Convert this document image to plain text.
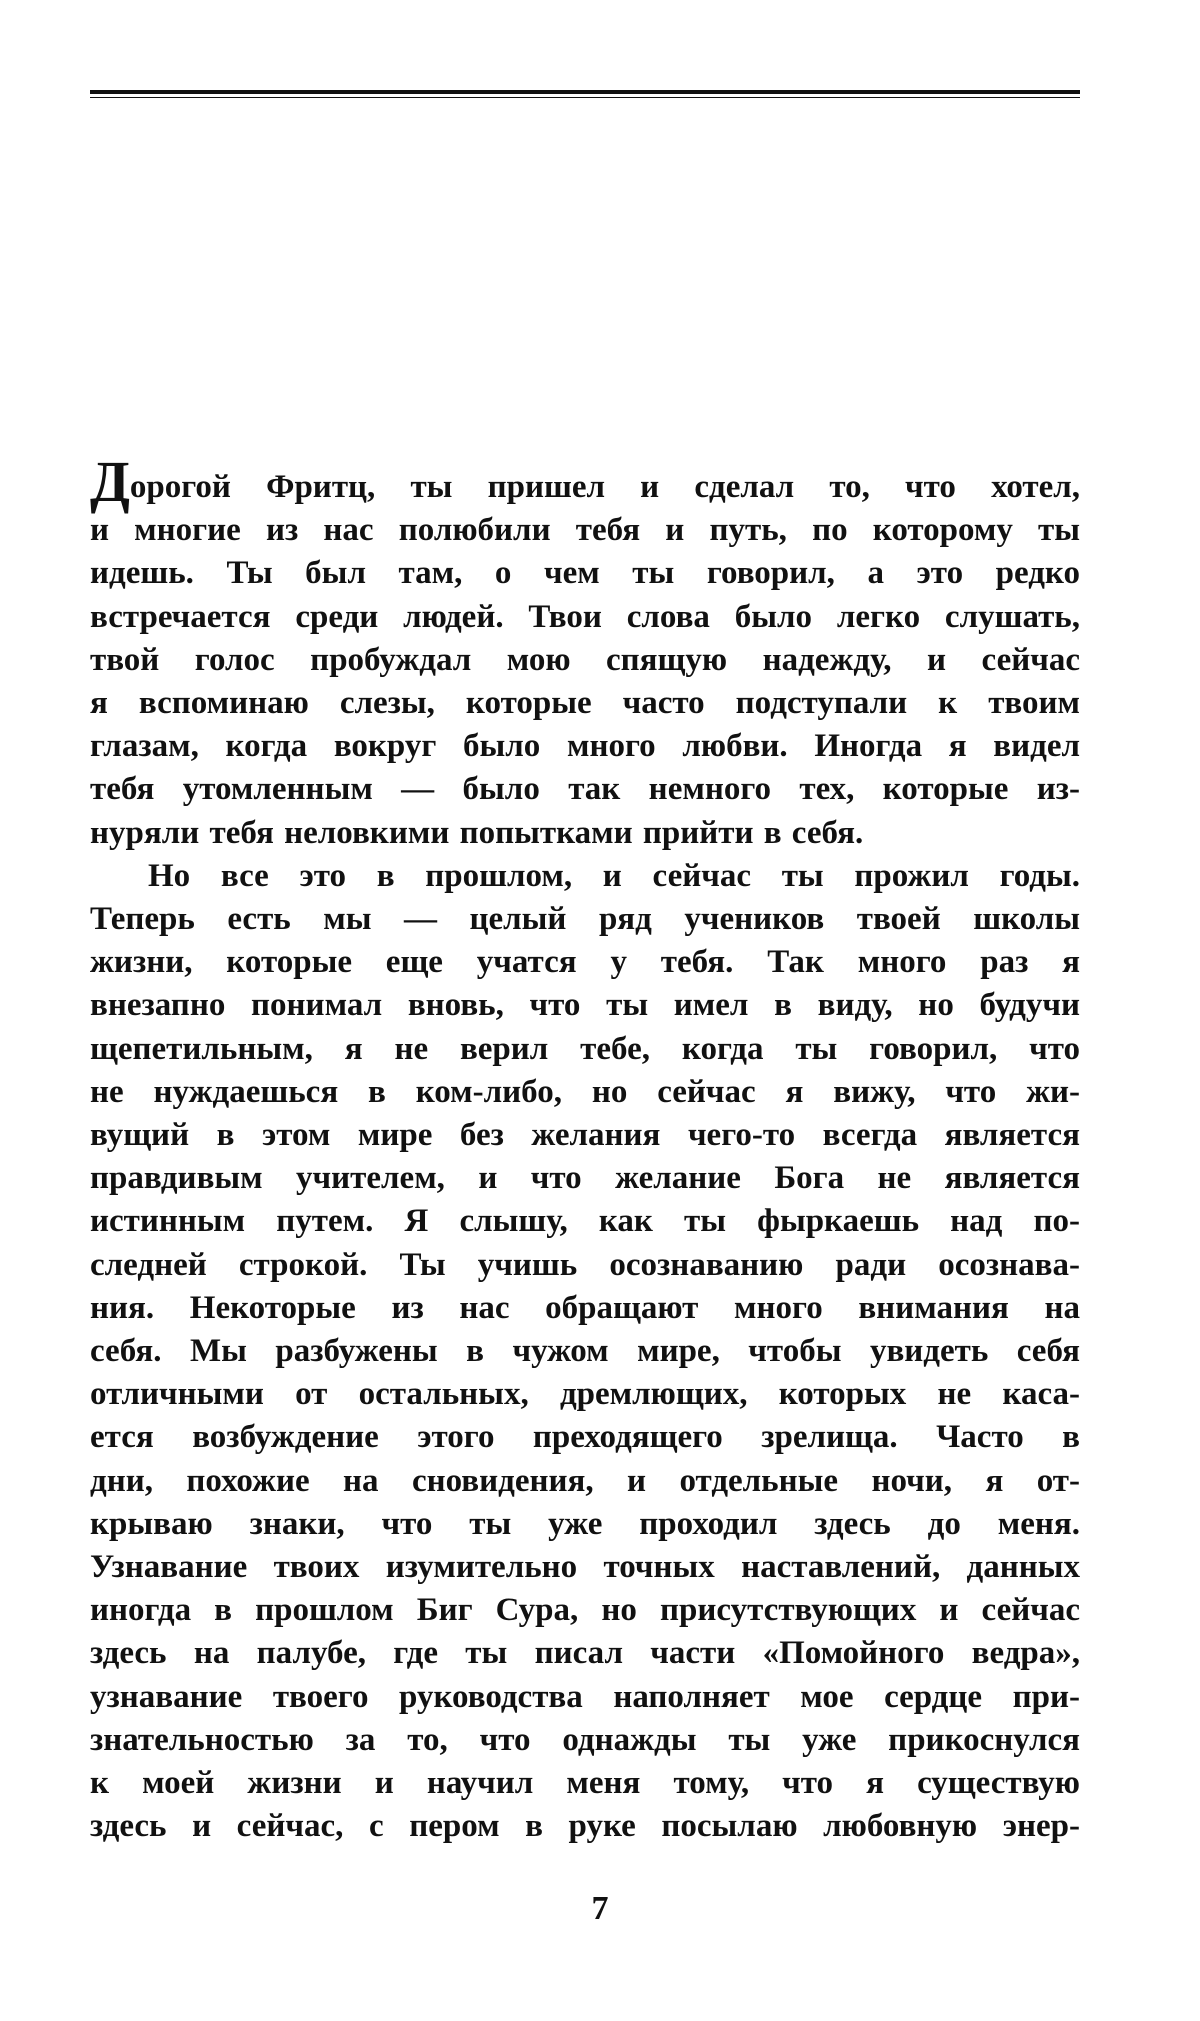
Дорогой Фритц, ты пришел и сделал то, что хотел,
и многие из нас полюбили тебя и путь, по которому ты
идешь. Ты был там, о чем ты говорил, а это редко
встречается среди людей. Твои слова было легко слушать,
твой голос пробуждал мою спящую надежду, и сейчас
я вспоминаю слезы, которые часто подступали к твоим
глазам, когда вокруг было много любви. Иногда я видел
тебя утомленным — было так немного тех, которые из-
нуряли тебя неловкими попытками прийти в себя.
Но все это в прошлом, и сейчас ты прожил годы.
Теперь есть мы — целый ряд учеников твоей школы
жизни, которые еще учатся у тебя. Так много раз я
внезапно понимал вновь, что ты имел в виду, но будучи
щепетильным, я не верил тебе, когда ты говорил, что
не нуждаешься в ком-либо, но сейчас я вижу, что жи-
вущий в этом мире без желания чего-то всегда является
правдивым учителем, и что желание Бога не является
истинным путем. Я слышу, как ты фыркаешь над по-
следней строкой. Ты учишь осознаванию ради осознава-
ния. Некоторые из нас обращают много внимания на
себя. Мы разбужены в чужом мире, чтобы увидеть себя
отличными от остальных, дремлющих, которых не каса-
ется возбуждение этого преходящего зрелища. Часто в
дни, похожие на сновидения, и отдельные ночи, я от-
крываю знаки, что ты уже проходил здесь до меня.
Узнавание твоих изумительно точных наставлений, данных
иногда в прошлом Биг Сура, но присутствующих и сейчас
здесь на палубе, где ты писал части «Помойного ведра»,
узнавание твоего руководства наполняет мое сердце при-
знательностью за то, что однажды ты уже прикоснулся
к моей жизни и научил меня тому, что я существую
здесь и сейчас, с пером в руке посылаю любовную энер-
7
